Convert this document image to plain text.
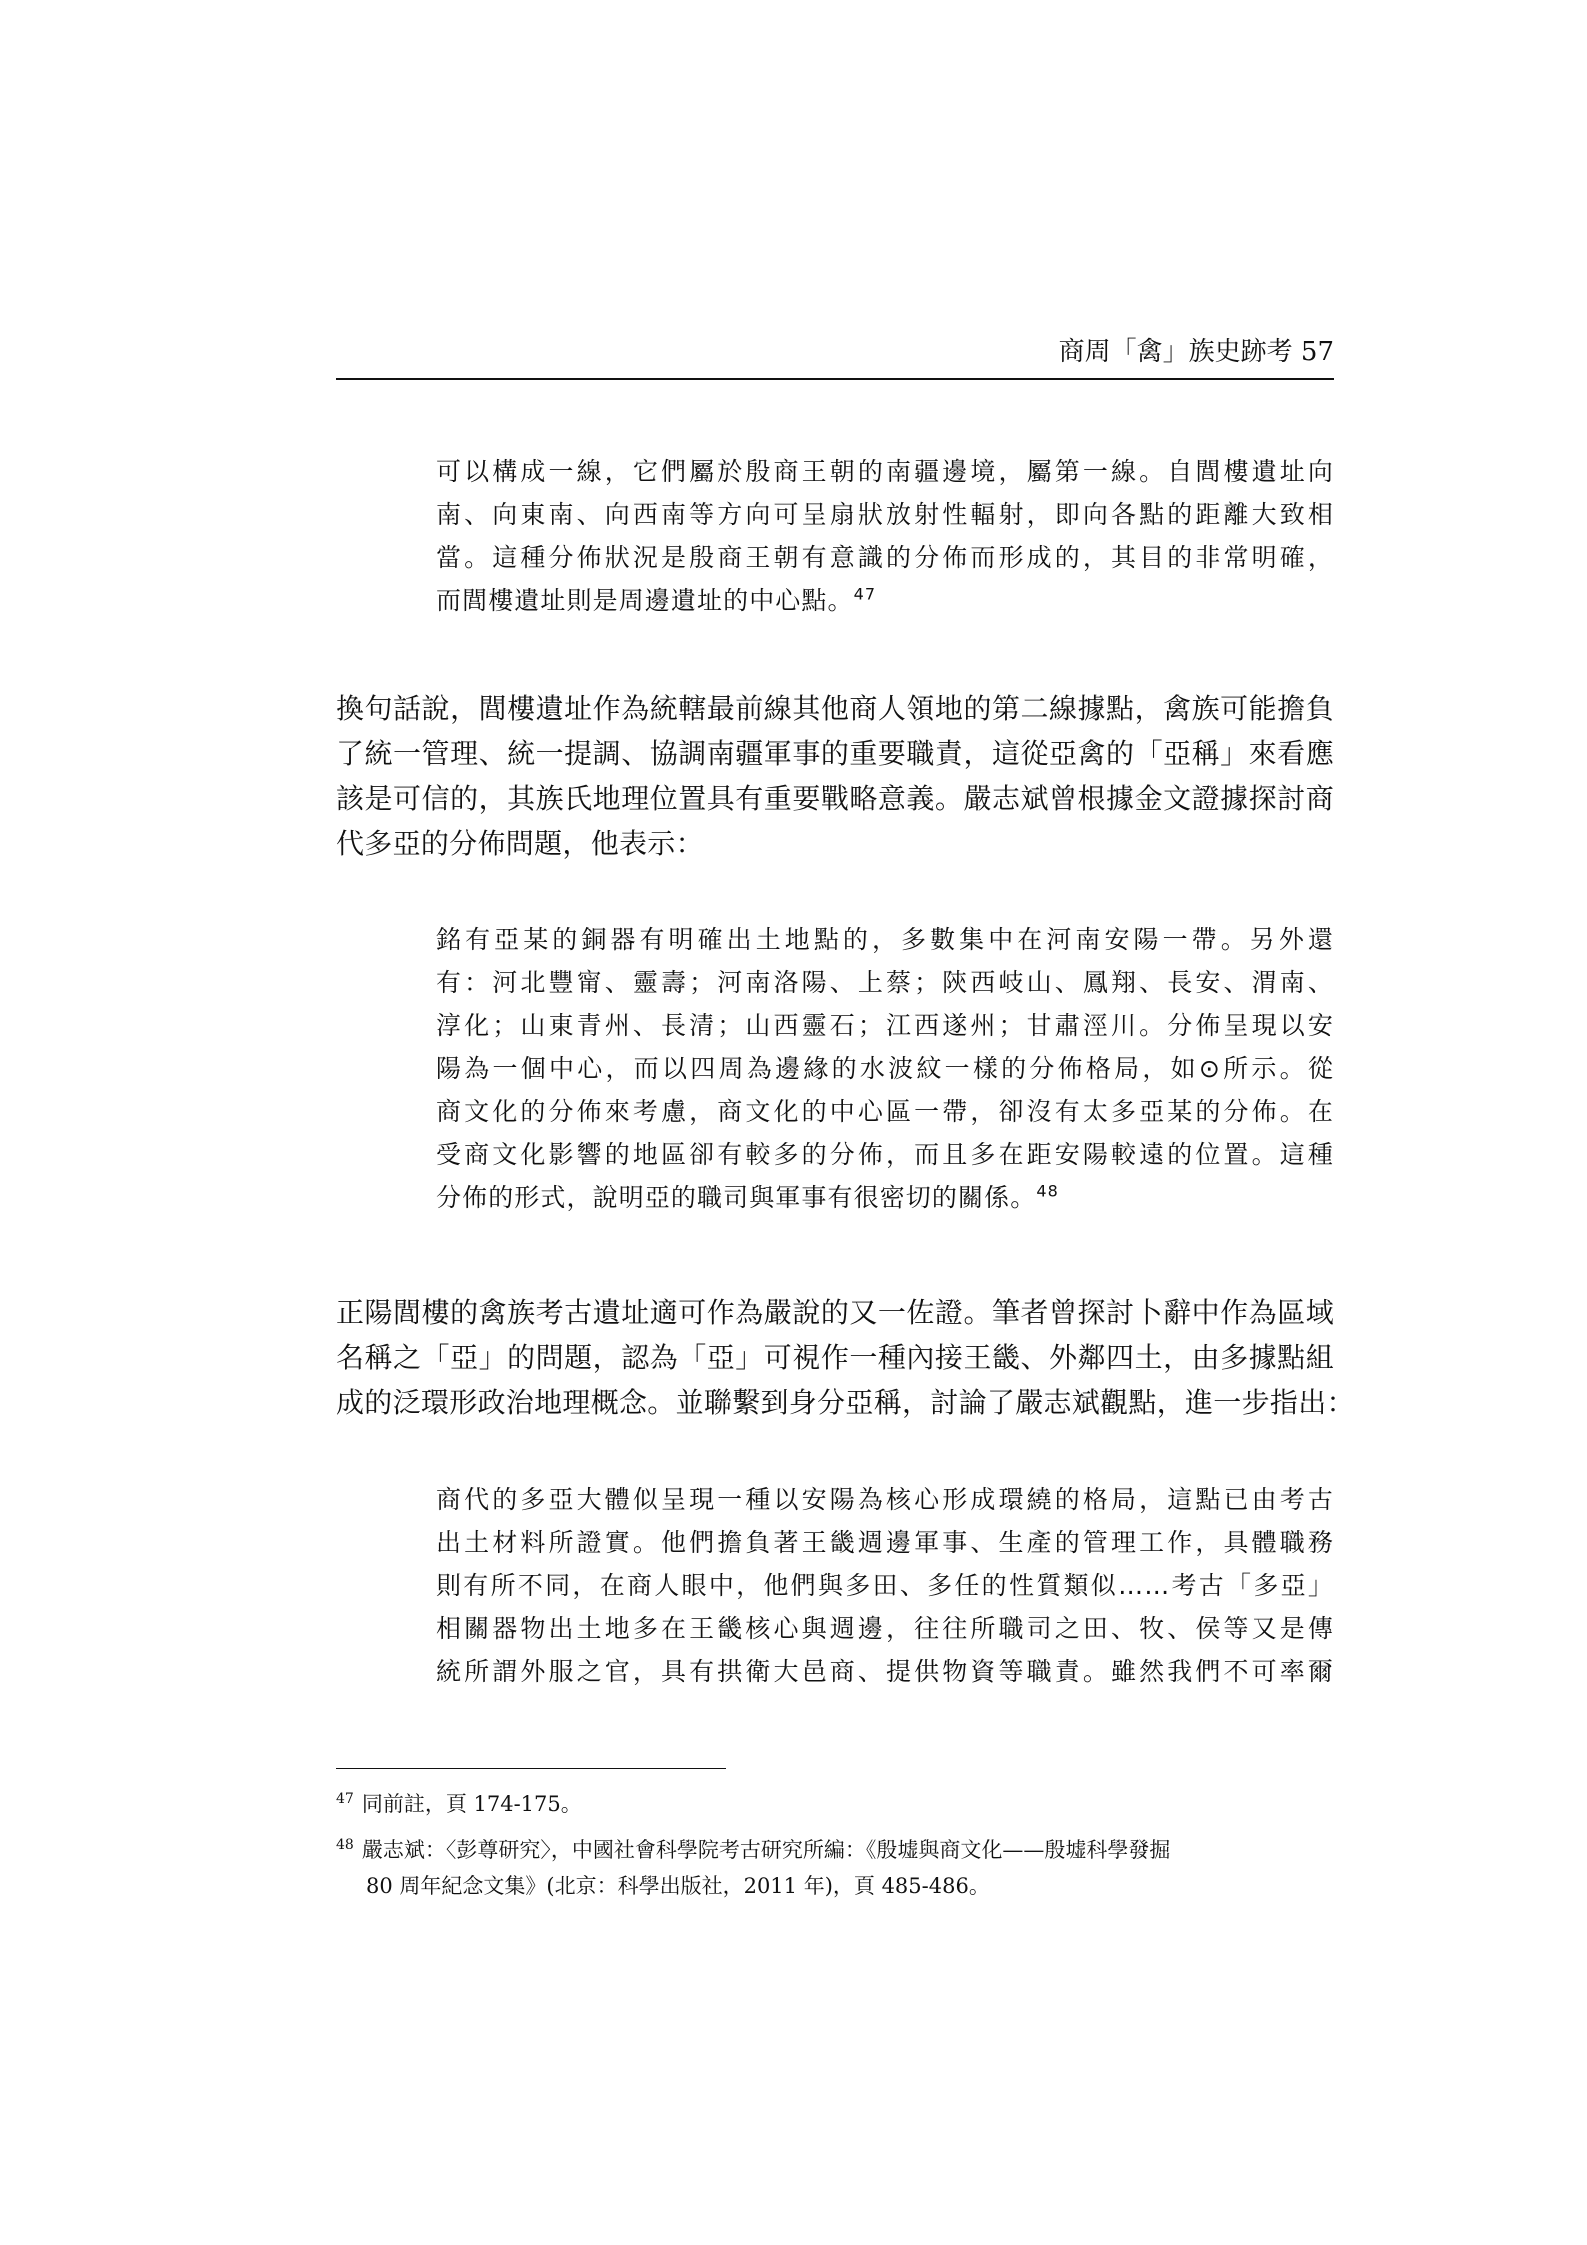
商周「禽」族史跡考 57
可以構成一線，它們屬於殷商王朝的南疆邊境，屬第一線。自閭樓遺址向
南、向東南、向西南等方向可呈扇狀放射性輻射，即向各點的距離大致相
當。這種分佈狀況是殷商王朝有意識的分佈而形成的，其目的非常明確，
而閭樓遺址則是周邊遺址的中心點。$^{47}$
換句話說，閭樓遺址作為統轄最前線其他商人領地的第二線據點，禽族可能擔負
了統一管理、統一提調、協調南疆軍事的重要職責，這從亞禽的「亞稱」來看應
該是可信的，其族氏地理位置具有重要戰略意義。嚴志斌曾根據金文證據探討商
代多亞的分佈問題，他表示：
銘有亞某的銅器有明確出土地點的，多數集中在河南安陽一帶。另外還
有：河北豐甯、靈壽；河南洛陽、上蔡；陝西岐山、鳳翔、長安、渭南、
淳化；山東青州、長清；山西靈石；江西遂州；甘肅涇川。分佈呈現以安
陽為一個中心，而以四周為邊緣的水波紋一樣的分佈格局，如⊙所示。從
商文化的分佈來考慮，商文化的中心區一帶，卻沒有太多亞某的分佈。在
受商文化影響的地區卻有較多的分佈，而且多在距安陽較遠的位置。這種
分佈的形式，說明亞的職司與軍事有很密切的關係。$^{48}$
正陽閭樓的禽族考古遺址適可作為嚴說的又一佐證。筆者曾探討卜辭中作為區域
名稱之「亞」的問題，認為「亞」可視作一種內接王畿、外鄰四土，由多據點組
成的泛環形政治地理概念。並聯繫到身分亞稱，討論了嚴志斌觀點，進一步指出：
商代的多亞大體似呈現一種以安陽為核心形成環繞的格局，這點已由考古
出土材料所證實。他們擔負著王畿週邊軍事、生產的管理工作，具體職務
則有所不同，在商人眼中，他們與多田、多任的性質類似……考古「多亞」
相關器物出土地多在王畿核心與週邊，往往所職司之田、牧、侯等又是傳
統所謂外服之官，具有拱衛大邑商、提供物資等職責。雖然我們不可率爾
$^{47}$ 同前註，頁 174-175。
$^{48}$ 嚴志斌：〈彭尊研究〉，中國社會科學院考古研究所編：《殷墟與商文化——殷墟科學發掘
80 周年紀念文集》(北京：科學出版社，2011 年)，頁 485-486。
